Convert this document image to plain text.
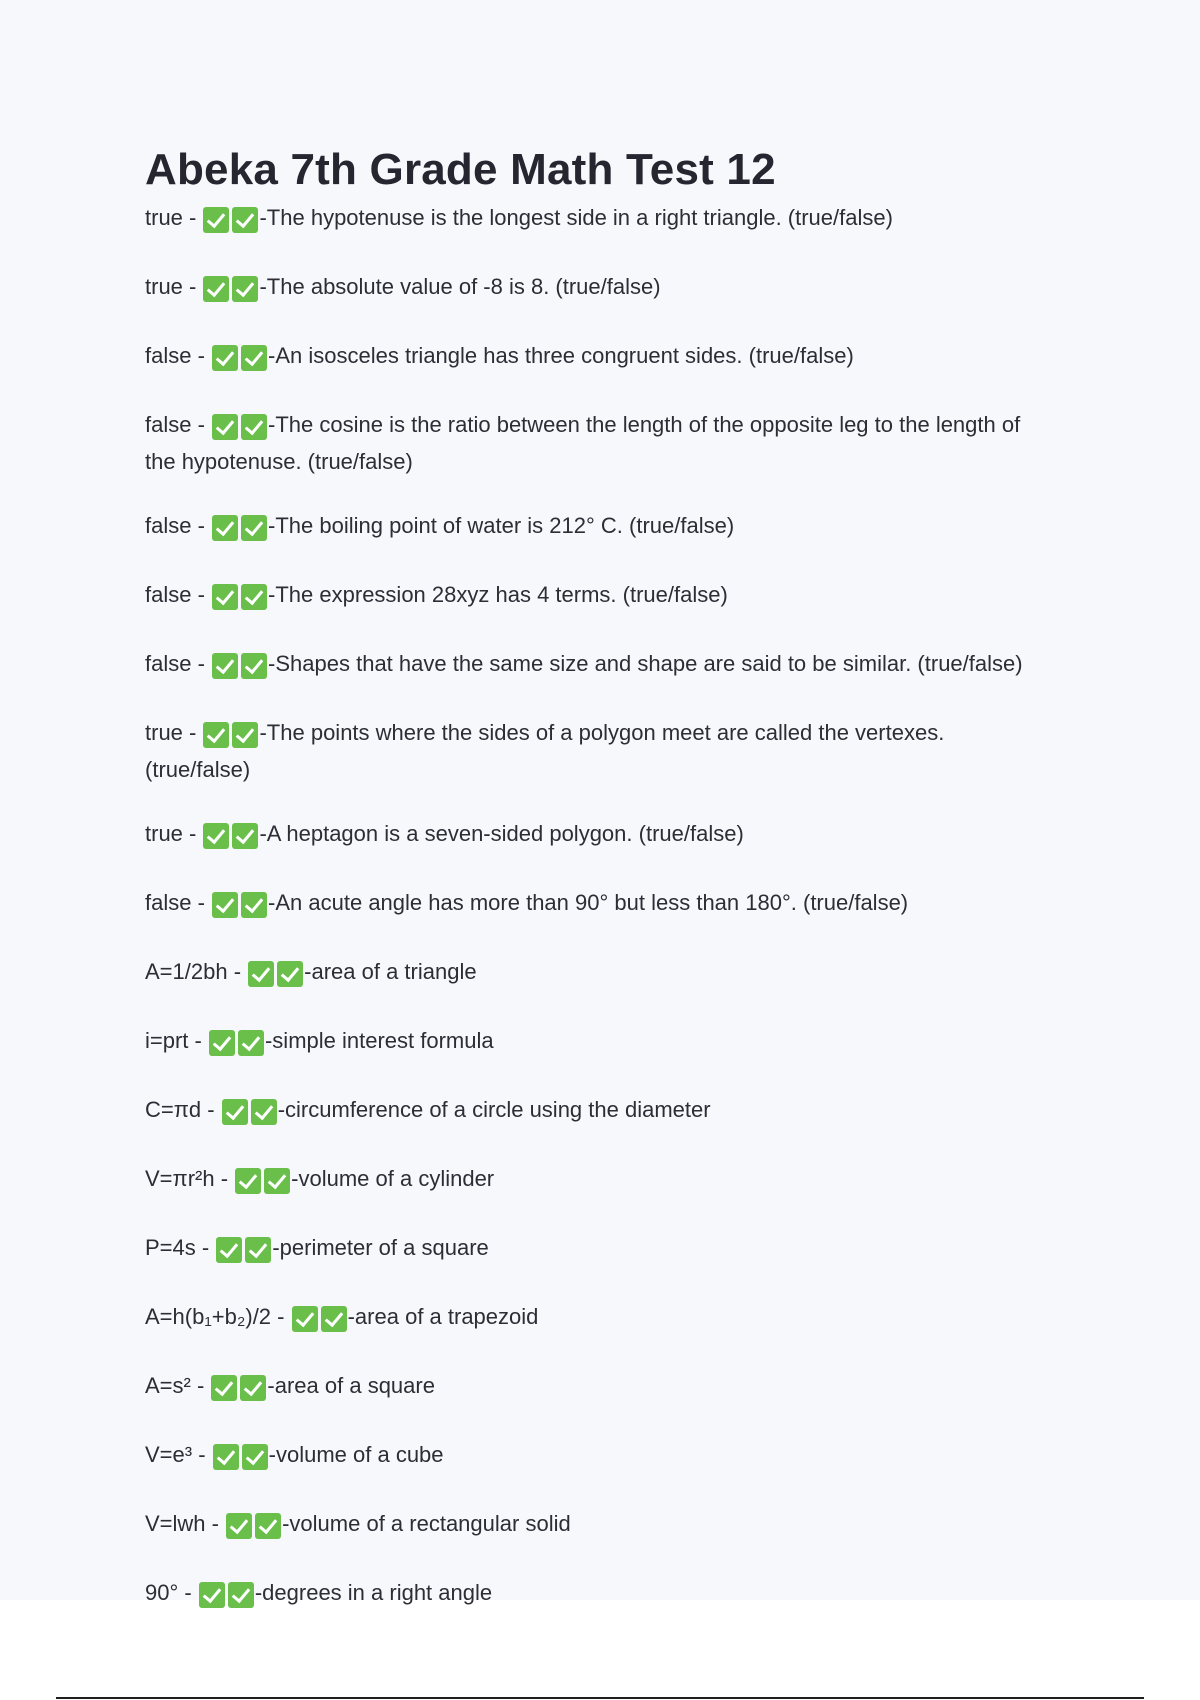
Abeka 7th Grade Math Test 12
true -	-The hypotenuse is the longest side in a right triangle. (true/false)
true -	-The absolute value of -8 is 8. (true/false)
false -	-An isosceles triangle has three congruent sides. (true/false)
false -	-The cosine is the ratio between the length of the opposite leg to the length of the hypotenuse. (true/false)
false -	-The boiling point of water is 212° C. (true/false)
false -	-The expression 28xyz has 4 terms. (true/false)
false -	-Shapes that have the same size and shape are said to be similar. (true/false)
true -	-The points where the sides of a polygon meet are called the vertexes. (true/false)
true -	-A heptagon is a seven-sided polygon. (true/false)
false -	-An acute angle has more than 90° but less than 180°. (true/false)
A=1/2bh -	-area of a triangle
i=prt -	-simple interest formula
C=πd -	-circumference of a circle using the diameter
V=πr²h -	-volume of a cylinder
P=4s -	-perimeter of a square
A=h(b₁+b₂)/2 -	-area of a trapezoid
A=s² -	-area of a square
V=e³ -	-volume of a cube
V=lwh -	-volume of a rectangular solid
90° -	-degrees in a right angle
